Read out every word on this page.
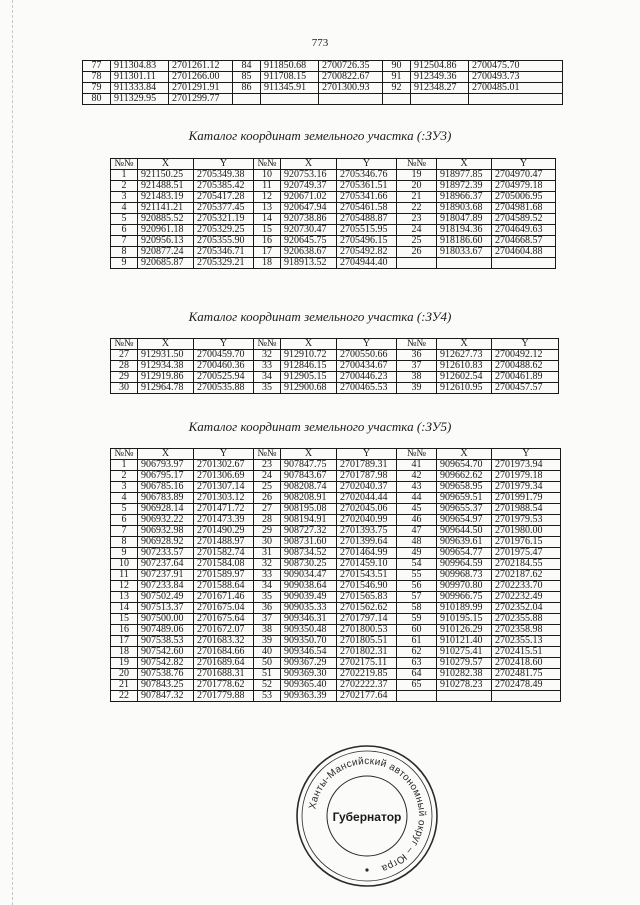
773
77	911304.83	2701261.12	84	911850.68	2700726.35	90	912504.86	2700475.70
78	911301.11	2701266.00	85	911708.15	2700822.67	91	912349.36	2700493.73
79	911333.84	2701291.91	86	911345.91	2701300.93	92	912348.27	2700485.01
80	911329.95	2701299.77						
Каталог координат земельного участка (:ЗУ3)
№№	X	Y	№№	X	Y	№№	X	Y
1	921150.25	2705349.38	10	920753.16	2705346.76	19	918977.85	2704970.47
2	921488.51	2705385.42	11	920749.37	2705361.51	20	918972.39	2704979.18
3	921483.19	2705417.28	12	920671.02	2705341.66	21	918966.37	2705006.95
4	921141.21	2705377.45	13	920647.94	2705461.58	22	918903.68	2704981.68
5	920885.52	2705321.19	14	920738.86	2705488.87	23	918047.89	2704589.52
6	920961.18	2705329.25	15	920730.47	2705515.95	24	918194.36	2704649.63
7	920956.13	2705355.90	16	920645.75	2705496.15	25	918186.60	2704668.57
8	920877.24	2705346.71	17	920638.67	2705492.82	26	918033.67	2704604.88
9	920685.87	2705329.21	18	918913.52	2704944.40			
Каталог координат земельного участка (:ЗУ4)
№№	X	Y	№№	X	Y	№№	X	Y
27	912931.50	2700459.70	32	912910.72	2700550.66	36	912627.73	2700492.12
28	912934.38	2700460.36	33	912846.15	2700434.67	37	912610.83	2700488.62
29	912919.86	2700525.94	34	912905.15	2700446.23	38	912602.54	2700461.89
30	912964.78	2700535.88	35	912900.68	2700465.53	39	912610.95	2700457.57
Каталог координат земельного участка (:ЗУ5)
№№	X	Y	№№	X	Y	№№	X	Y
1	906793.97	2701302.67	23	907847.75	2701789.31	41	909654.70	2701973.94
2	906795.17	2701306.69	24	907843.67	2701787.98	42	909662.62	2701979.18
3	906785.16	2701307.14	25	908208.74	2702040.37	43	909658.95	2701979.34
4	906783.89	2701303.12	26	908208.91	2702044.44	44	909659.51	2701991.79
5	906928.14	2701471.72	27	908195.08	2702045.06	45	909655.37	2701988.54
6	906932.22	2701473.39	28	908194.91	2702040.99	46	909654.97	2701979.53
7	906932.98	2701490.29	29	908727.32	2701393.75	47	909644.50	2701980.00
8	906928.92	2701488.97	30	908731.60	2701399.64	48	909639.61	2701976.15
9	907233.57	2701582.74	31	908734.52	2701464.99	49	909654.77	2701975.47
10	907237.64	2701584.08	32	908730.25	2701459.10	54	909964.59	2702184.55
11	907237.91	2701589.97	33	909034.47	2701543.51	55	909968.73	2702187.62
12	907233.84	2701588.64	34	909038.64	2701546.90	56	909970.80	2702233.70
13	907502.49	2701671.46	35	909039.49	2701565.83	57	909966.75	2702232.49
14	907513.37	2701675.04	36	909035.33	2701562.62	58	910189.99	2702352.04
15	907500.00	2701675.64	37	909346.31	2701797.14	59	910195.15	2702355.88
16	907489.06	2701672.07	38	909350.48	2701800.53	60	910126.29	2702358.98
17	907538.53	2701683.32	39	909350.70	2701805.51	61	910121.40	2702355.13
18	907542.60	2701684.66	40	909346.54	2701802.31	62	910275.41	2702415.51
19	907542.82	2701689.64	50	909367.29	2702175.11	63	910279.57	2702418.60
20	907538.76	2701688.31	51	909369.30	2702219.85	64	910282.38	2702481.75
21	907843.25	2701778.62	52	909365.40	2702222.37	65	910278.23	2702478.49
22	907847.32	2701779.88	53	909363.39	2702177.64			
Ханты-Мансийский автономный округ – Югра
Губернатор
